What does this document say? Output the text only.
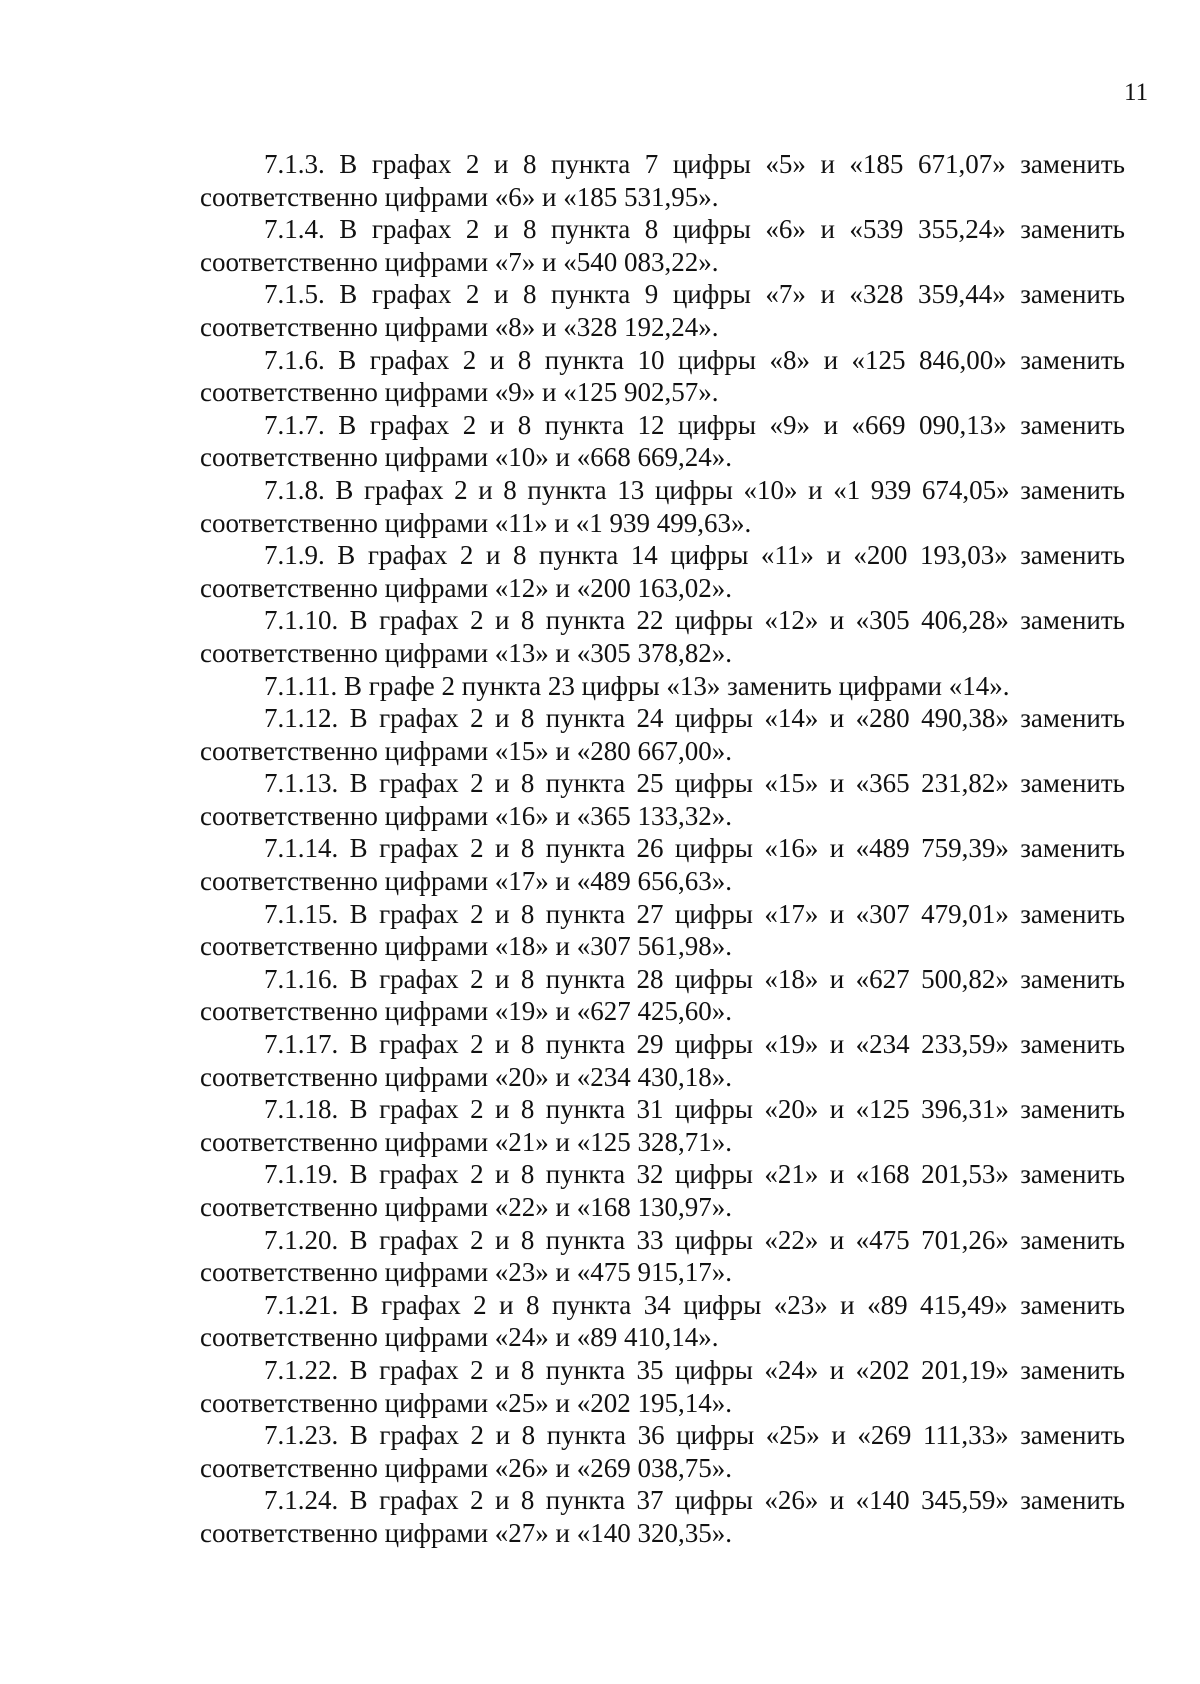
11

7.1.3. В графах 2 и 8 пункта 7 цифры «5» и «185 671,07» заменить соответственно цифрами «6» и «185 531,95».

7.1.4. В графах 2 и 8 пункта 8 цифры «6» и «539 355,24» заменить соответственно цифрами «7» и «540 083,22».

7.1.5. В графах 2 и 8 пункта 9 цифры «7» и «328 359,44» заменить соответственно цифрами «8» и «328 192,24».

7.1.6. В графах 2 и 8 пункта 10 цифры «8» и «125 846,00» заменить соответственно цифрами «9» и «125 902,57».

7.1.7. В графах 2 и 8 пункта 12 цифры «9» и «669 090,13» заменить соответственно цифрами «10» и «668 669,24».

7.1.8. В графах 2 и 8 пункта 13 цифры «10» и «1 939 674,05» заменить соответственно цифрами «11» и «1 939 499,63».

7.1.9. В графах 2 и 8 пункта 14 цифры «11» и «200 193,03» заменить соответственно цифрами «12» и «200 163,02».

7.1.10. В графах 2 и 8 пункта 22 цифры «12» и «305 406,28» заменить соответственно цифрами «13» и «305 378,82».

7.1.11. В графе 2 пункта 23 цифры «13» заменить цифрами «14».

7.1.12. В графах 2 и 8 пункта 24 цифры «14» и «280 490,38» заменить соответственно цифрами «15» и «280 667,00».

7.1.13. В графах 2 и 8 пункта 25 цифры «15» и «365 231,82» заменить соответственно цифрами «16» и «365 133,32».

7.1.14. В графах 2 и 8 пункта 26 цифры «16» и «489 759,39» заменить соответственно цифрами «17» и «489 656,63».

7.1.15. В графах 2 и 8 пункта 27 цифры «17» и «307 479,01» заменить соответственно цифрами «18» и «307 561,98».

7.1.16. В графах 2 и 8 пункта 28 цифры «18» и «627 500,82» заменить соответственно цифрами «19» и «627 425,60».

7.1.17. В графах 2 и 8 пункта 29 цифры «19» и «234 233,59» заменить соответственно цифрами «20» и «234 430,18».

7.1.18. В графах 2 и 8 пункта 31 цифры «20» и «125 396,31» заменить соответственно цифрами «21» и «125 328,71».

7.1.19. В графах 2 и 8 пункта 32 цифры «21» и «168 201,53» заменить соответственно цифрами «22» и «168 130,97».

7.1.20. В графах 2 и 8 пункта 33 цифры «22» и «475 701,26» заменить соответственно цифрами «23» и «475 915,17».

7.1.21. В графах 2 и 8 пункта 34 цифры «23» и «89 415,49» заменить соответственно цифрами «24» и «89 410,14».

7.1.22. В графах 2 и 8 пункта 35 цифры «24» и «202 201,19» заменить соответственно цифрами «25» и «202 195,14».

7.1.23. В графах 2 и 8 пункта 36 цифры «25» и «269 111,33» заменить соответственно цифрами «26» и «269 038,75».

7.1.24. В графах 2 и 8 пункта 37 цифры «26» и «140 345,59» заменить соответственно цифрами «27» и «140 320,35».
